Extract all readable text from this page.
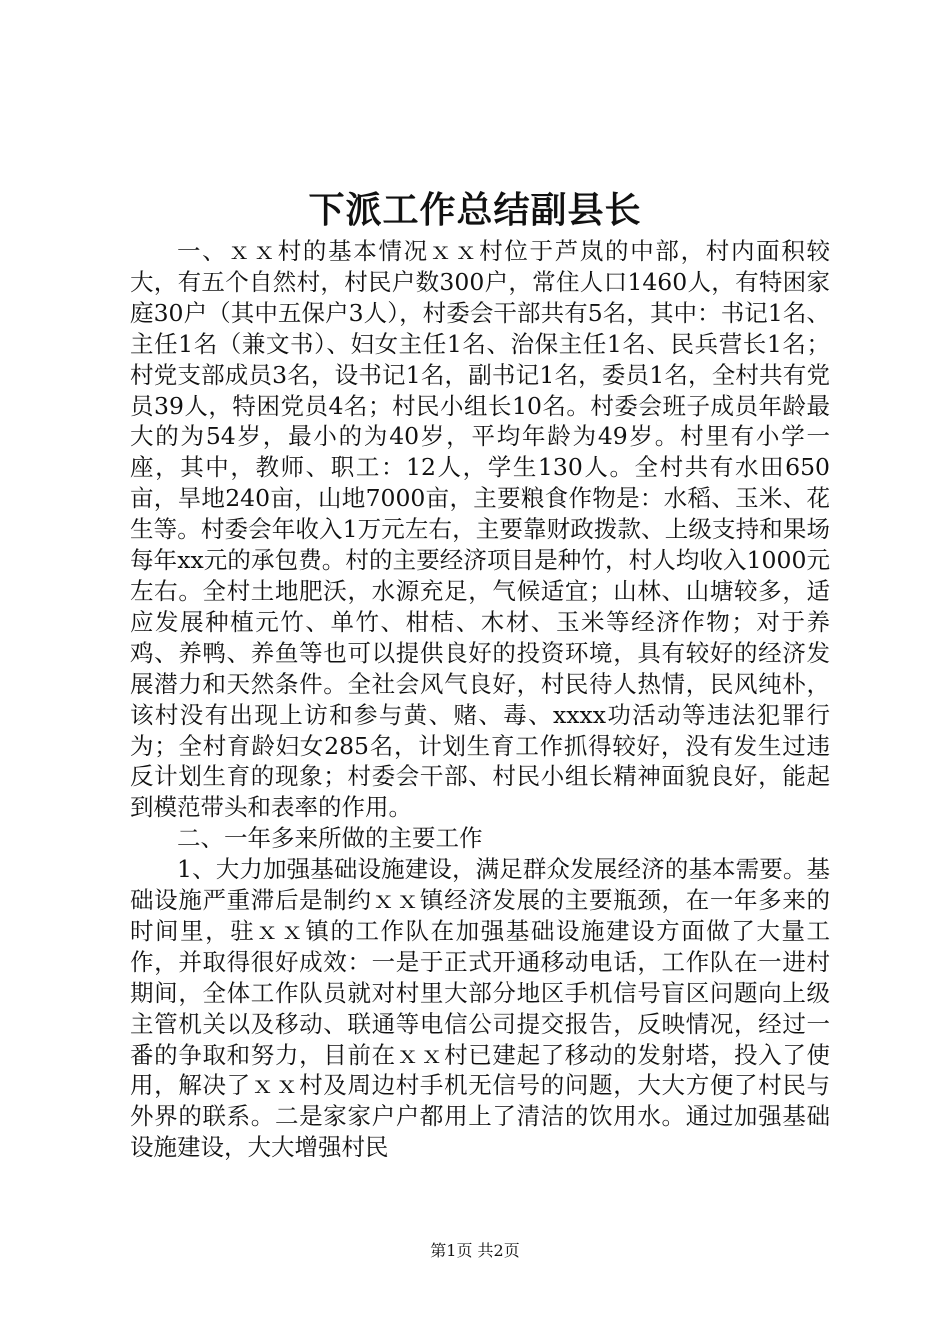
下派工作总结副县长

一、ｘｘ村的基本情况ｘｘ村位于芦岚的中部，村内面积较大，有五个自然村，村民户数300户，常住人口1460人，有特困家庭30户（其中五保户3人），村委会干部共有5名，其中：书记1名、主任1名（兼文书）、妇女主任1名、治保主任1名、民兵营长1名；村党支部成员3名，设书记1名，副书记1名，委员1名，全村共有党员39人，特困党员4名；村民小组长10名。村委会班子成员年龄最大的为54岁，最小的为40岁，平均年龄为49岁。村里有小学一座，其中，教师、职工：12人，学生130人。全村共有水田650亩，旱地240亩，山地7000亩，主要粮食作物是：水稻、玉米、花生等。村委会年收入1万元左右，主要靠财政拨款、上级支持和果场每年xx元的承包费。村的主要经济项目是种竹，村人均收入1000元左右。全村土地肥沃，水源充足，气候适宜；山林、山塘较多，适应发展种植元竹、单竹、柑桔、木材、玉米等经济作物；对于养鸡、养鸭、养鱼等也可以提供良好的投资环境，具有较好的经济发展潜力和天然条件。全社会风气良好，村民待人热情，民风纯朴，该村没有出现上访和参与黄、赌、毒、xxxx功活动等违法犯罪行为；全村育龄妇女285名，计划生育工作抓得较好，没有发生过违反计划生育的现象；村委会干部、村民小组长精神面貌良好，能起到模范带头和表率的作用。

二、一年多来所做的主要工作

1、大力加强基础设施建设，满足群众发展经济的基本需要。基础设施严重滞后是制约ｘｘ镇经济发展的主要瓶颈，在一年多来的时间里，驻ｘｘ镇的工作队在加强基础设施建设方面做了大量工作，并取得很好成效：一是于正式开通移动电话，工作队在一进村期间，全体工作队员就对村里大部分地区手机信号盲区问题向上级主管机关以及移动、联通等电信公司提交报告，反映情况，经过一番的争取和努力，目前在ｘｘ村已建起了移动的发射塔，投入了使用，解决了ｘｘ村及周边村手机无信号的问题，大大方便了村民与外界的联系。二是家家户户都用上了清洁的饮用水。通过加强基础设施建设，大大增强村民

第1页 共2页
